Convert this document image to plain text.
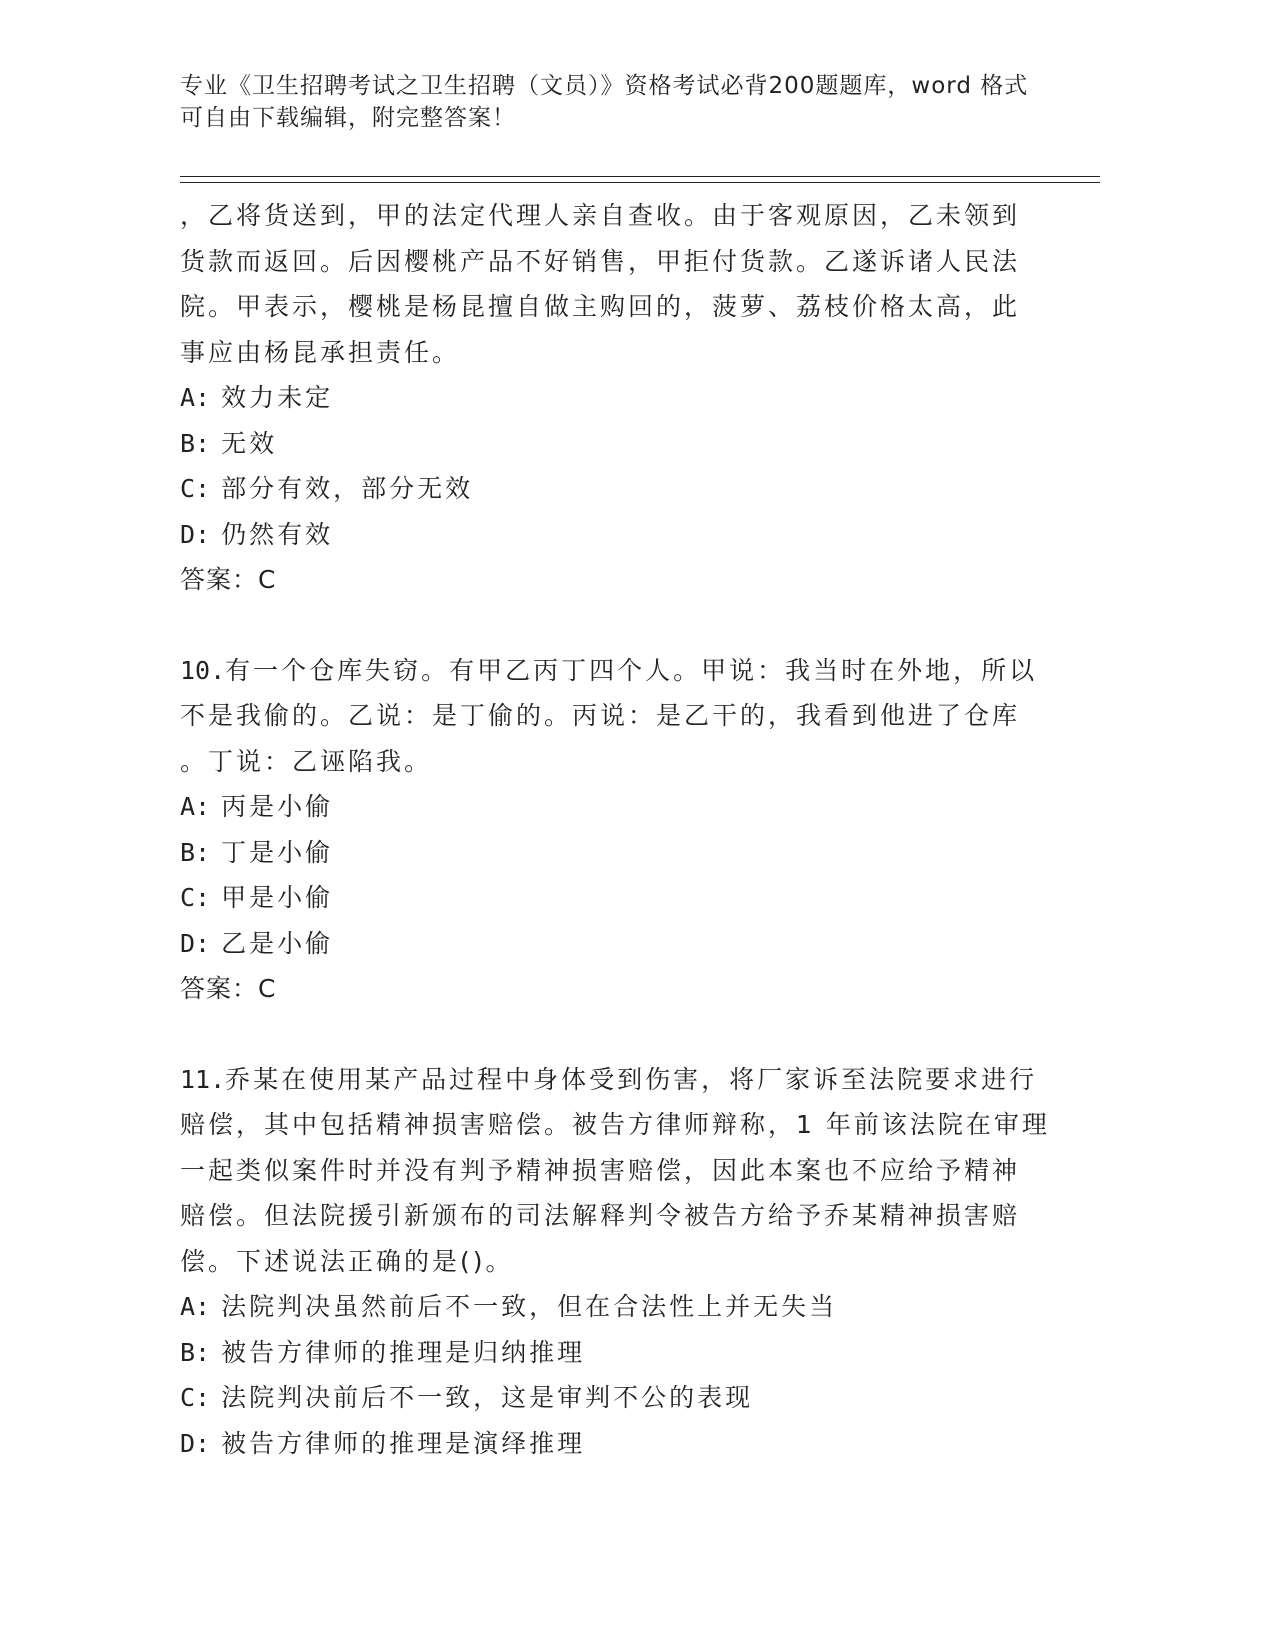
专业《卫生招聘考试之卫生招聘（文员）》资格考试必背200题题库，word 格式
可自由下载编辑，附完整答案！

，乙将货送到，甲的法定代理人亲自查收。由于客观原因，乙未领到

货款而返回。后因樱桃产品不好销售，甲拒付货款。乙遂诉诸人民法

院。甲表示，樱桃是杨昆擅自做主购回的，菠萝、荔枝价格太高，此

事应由杨昆承担责任。

A: 效力未定

B: 无效

C: 部分有效，部分无效

D: 仍然有效

答案：C

10.有一个仓库失窃。有甲乙丙丁四个人。甲说：我当时在外地，所以

不是我偷的。乙说：是丁偷的。丙说：是乙干的，我看到他进了仓库

。丁说：乙诬陷我。

A: 丙是小偷

B: 丁是小偷

C: 甲是小偷

D: 乙是小偷

答案：C

11.乔某在使用某产品过程中身体受到伤害，将厂家诉至法院要求进行

赔偿，其中包括精神损害赔偿。被告方律师辩称，1 年前该法院在审理

一起类似案件时并没有判予精神损害赔偿，因此本案也不应给予精神

赔偿。但法院援引新颁布的司法解释判令被告方给予乔某精神损害赔

偿。下述说法正确的是()。

A: 法院判决虽然前后不一致，但在合法性上并无失当

B: 被告方律师的推理是归纳推理

C: 法院判决前后不一致，这是审判不公的表现

D: 被告方律师的推理是演绎推理
